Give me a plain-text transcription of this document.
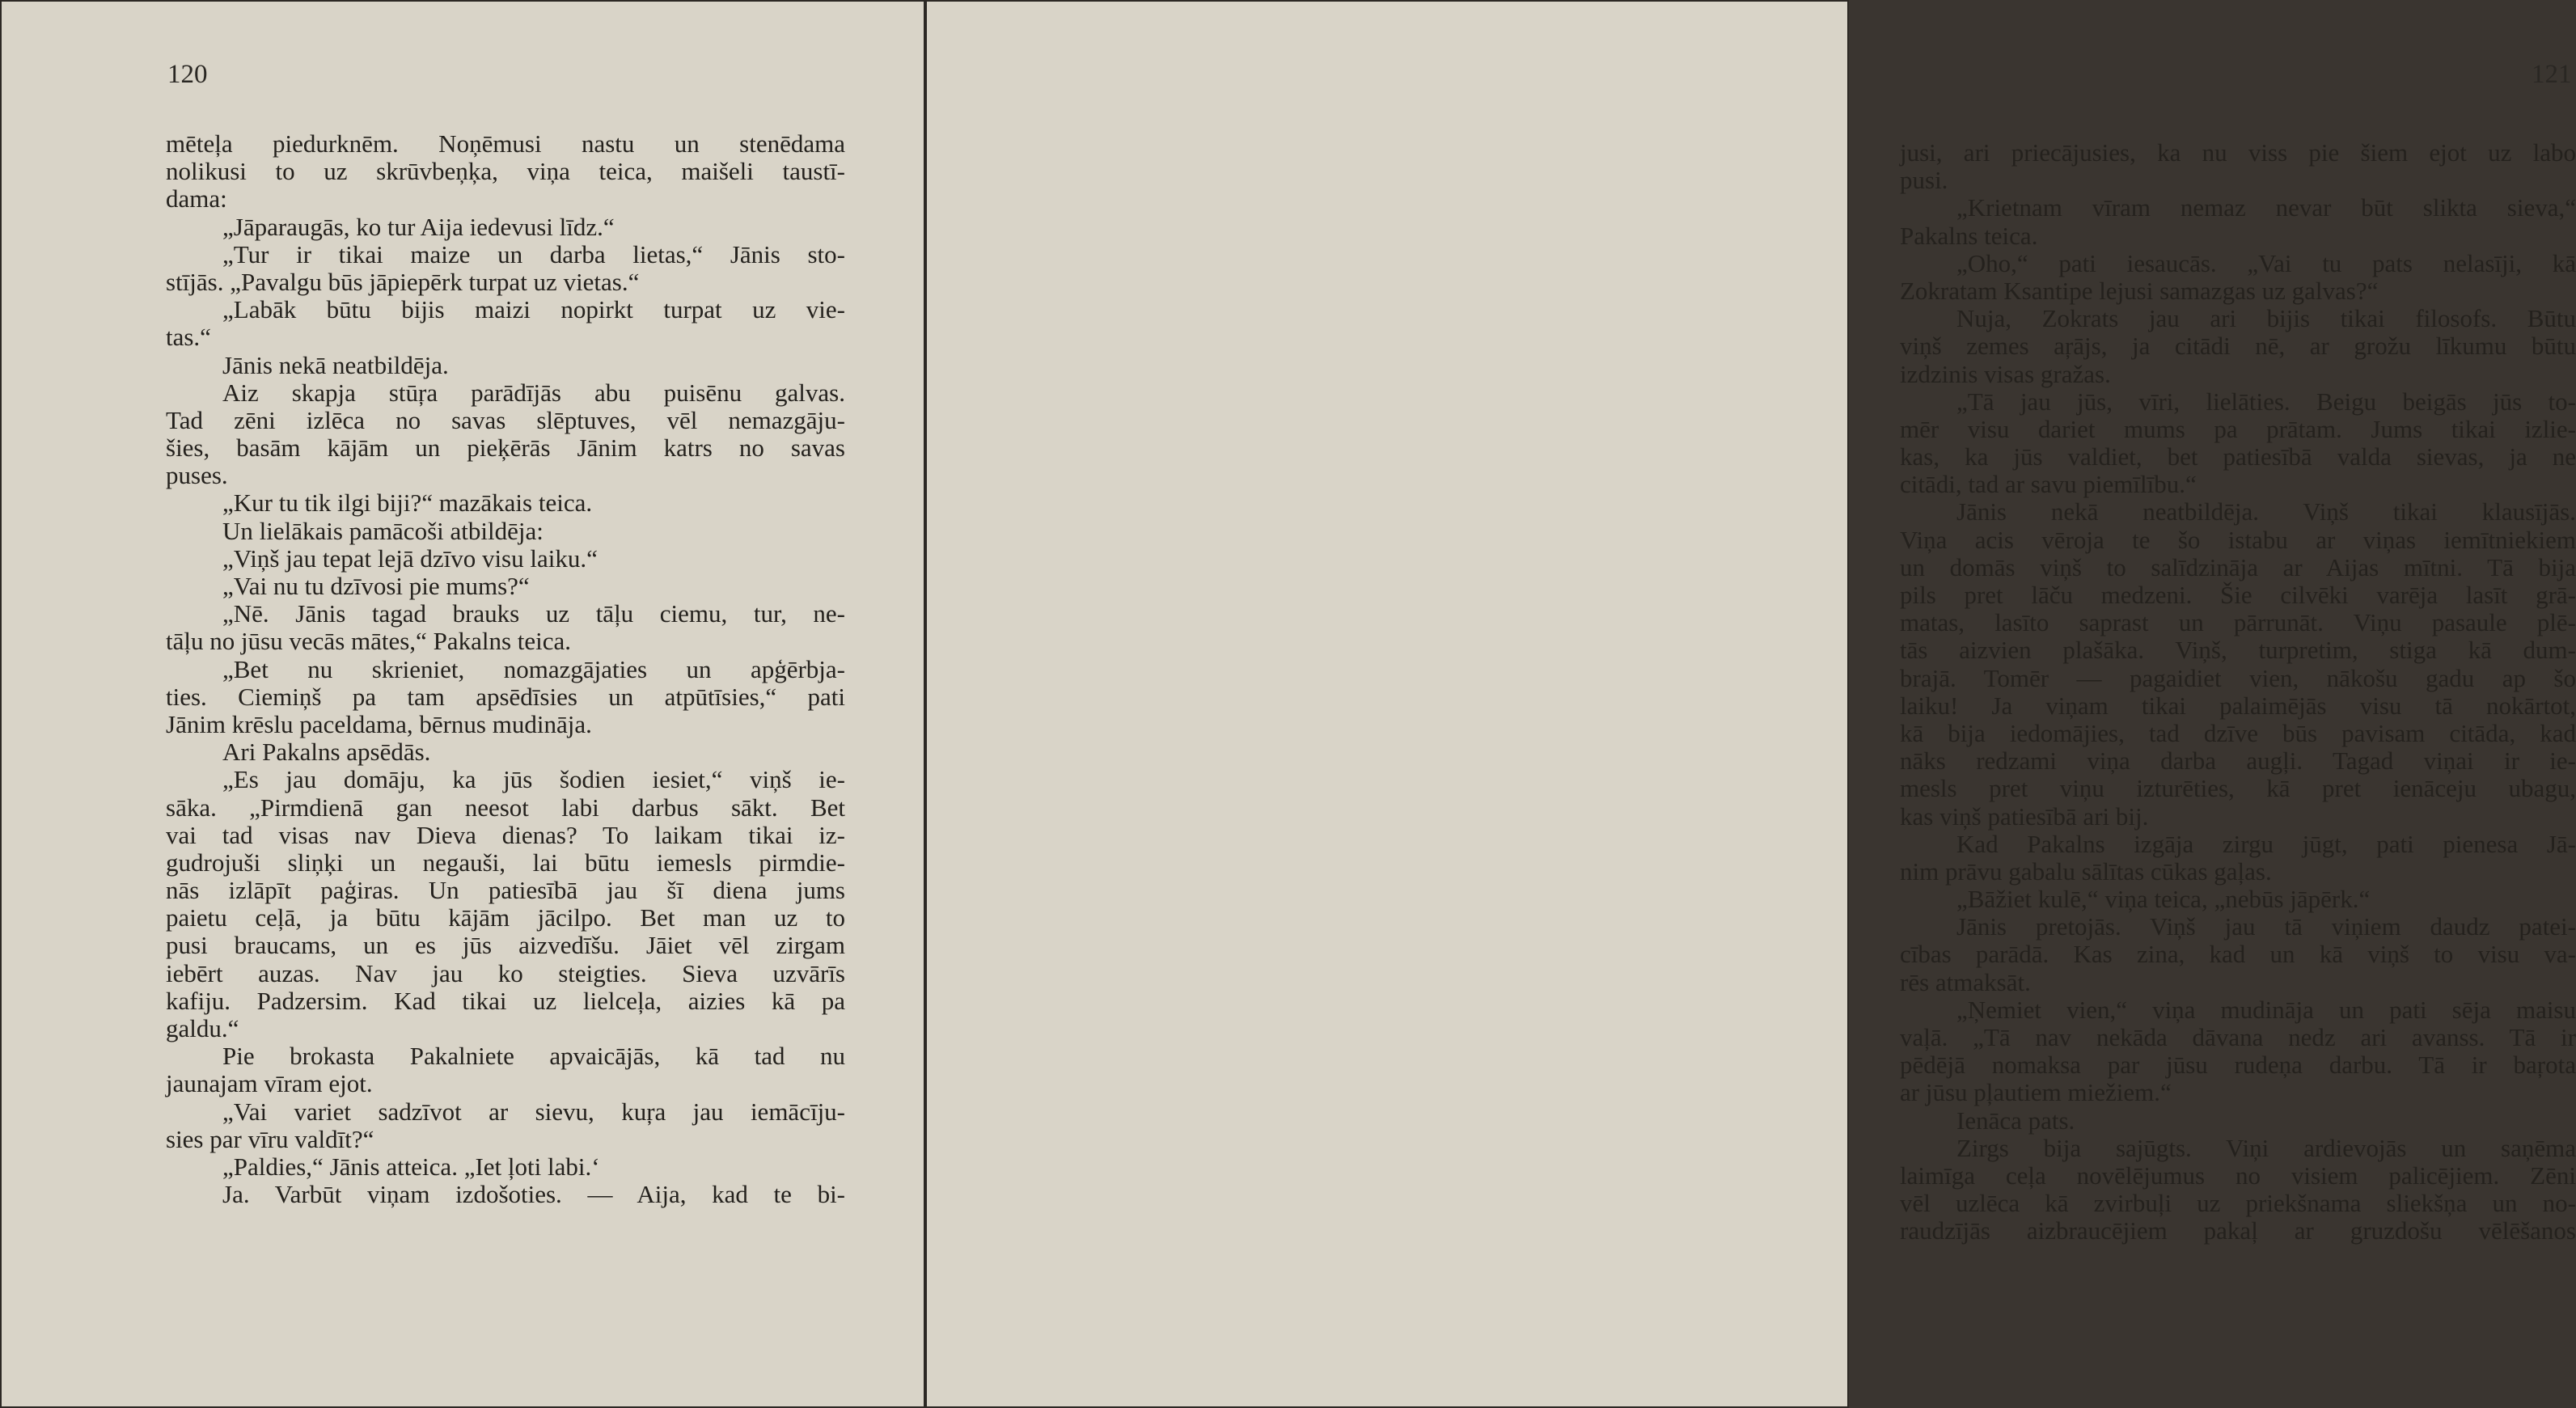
120
mēteļa piedurknēm. Noņēmusi nastu un stenēdama
nolikusi to uz skrūvbeņķa, viņa teica, maišeli taustī-
dama:
„Jāparaugās, ko tur Aija iedevusi līdz.“
„Tur ir tikai maize un darba lietas,“ Jānis sto-
stījās. „Pavalgu būs jāpiepērk turpat uz vietas.“
„Labāk būtu bijis maizi nopirkt turpat uz vie-
tas.“
Jānis nekā neatbildēja.
Aiz skapja stūŗa parādījās abu puisēnu galvas.
Tad zēni izlēca no savas slēptuves, vēl nemazgāju-
šies, basām kājām un pieķērās Jānim katrs no savas
puses.
„Kur tu tik ilgi biji?“ mazākais teica.
Un lielākais pamācoši atbildēja:
„Viņš jau tepat lejā dzīvo visu laiku.“
„Vai nu tu dzīvosi pie mums?“
„Nē. Jānis tagad brauks uz tāļu ciemu, tur, ne-
tāļu no jūsu vecās mātes,“ Pakalns teica.
„Bet nu skrieniet, nomazgājaties un apģērbja-
ties. Ciemiņš pa tam apsēdīsies un atpūtīsies,“ pati
Jānim krēslu paceldama, bērnus mudināja.
Ari Pakalns apsēdās.
„Es jau domāju, ka jūs šodien iesiet,“ viņš ie-
sāka. „Pirmdienā gan neesot labi darbus sākt. Bet
vai tad visas nav Dieva dienas? To laikam tikai iz-
gudrojuši sliņķi un negauši, lai būtu iemesls pirmdie-
nās izlāpīt paģiras. Un patiesībā jau šī diena jums
paietu ceļā, ja būtu kājām jācilpo. Bet man uz to
pusi braucams, un es jūs aizvedīšu. Jāiet vēl zirgam
iebērt auzas. Nav jau ko steigties. Sieva uzvārīs
kafiju. Padzersim. Kad tikai uz lielceļa, aizies kā pa
galdu.“
Pie brokasta Pakalniete apvaicājās, kā tad nu
jaunajam vīram ejot.
„Vai variet sadzīvot ar sievu, kuŗa jau iemācīju-
sies par vīru valdīt?“
„Paldies,“ Jānis atteica. „Iet ļoti labi.‘
Ja. Varbūt viņam izdošoties. — Aija, kad te bi-
121
jusi, ari priecājusies, ka nu viss pie šiem ejot uz labo
pusi.
„Krietnam vīram nemaz nevar būt slikta sieva,“
Pakalns teica.
„Oho,“ pati iesaucās. „Vai tu pats nelasīji, kā
Zokratam Ksantipe lejusi samazgas uz galvas?“
Nuja, Zokrats jau ari bijis tikai filosofs. Būtu
viņš zemes aŗājs, ja citādi nē, ar grožu līkumu būtu
izdzinis visas gražas.
„Tā jau jūs, vīri, lielāties. Beigu beigās jūs to-
mēr visu dariet mums pa prātam. Jums tikai izlie-
kas, ka jūs valdiet, bet patiesībā valda sievas, ja ne
citādi, tad ar savu piemīlību.“
Jānis nekā neatbildēja. Viņš tikai klausījās.
Viņa acis vēroja te šo istabu ar viņas iemītniekiem
un domās viņš to salīdzināja ar Aijas mītni. Tā bija
pils pret lāču medzeni. Šie cilvēki varēja lasīt grā-
matas, lasīto saprast un pārrunāt. Viņu pasaule plē-
tās aizvien plašāka. Viņš, turpretim, stiga kā dum-
brajā. Tomēr — pagaidiet vien, nākošu gadu ap šo
laiku! Ja viņam tikai palaimējās visu tā nokārtot,
kā bija iedomājies, tad dzīve būs pavisam citāda, kad
nāks redzami viņa darba augļi. Tagad viņai ir ie-
mesls pret viņu izturēties, kā pret ienāceju ubagu,
kas viņš patiesībā ari bij.
Kad Pakalns izgāja zirgu jūgt, pati pienesa Jā-
nim prāvu gabalu sālītas cūkas gaļas.
„Bāžiet kulē,“ viņa teica, „nebūs jāpērk.“
Jānis pretojās. Viņš jau tā viņiem daudz patei-
cības parādā. Kas zina, kad un kā viņš to visu va-
rēs atmaksāt.
„Ņemiet vien,“ viņa mudināja un pati sēja maisu
vaļā. „Tā nav nekāda dāvana nedz ari avanss. Tā ir
pēdējā nomaksa par jūsu rudeņa darbu. Tā ir baŗota
ar jūsu pļautiem miežiem.“
Ienāca pats.
Zirgs bija sajūgts. Viņi ardievojās un saņēma
laimīga ceļa novēlējumus no visiem palicējiem. Zēni
vēl uzlēca kā zvirbuļi uz priekšnama sliekšņa un no-
raudzījās aizbraucējiem pakaļ ar gruzdošu vēlēšanos
